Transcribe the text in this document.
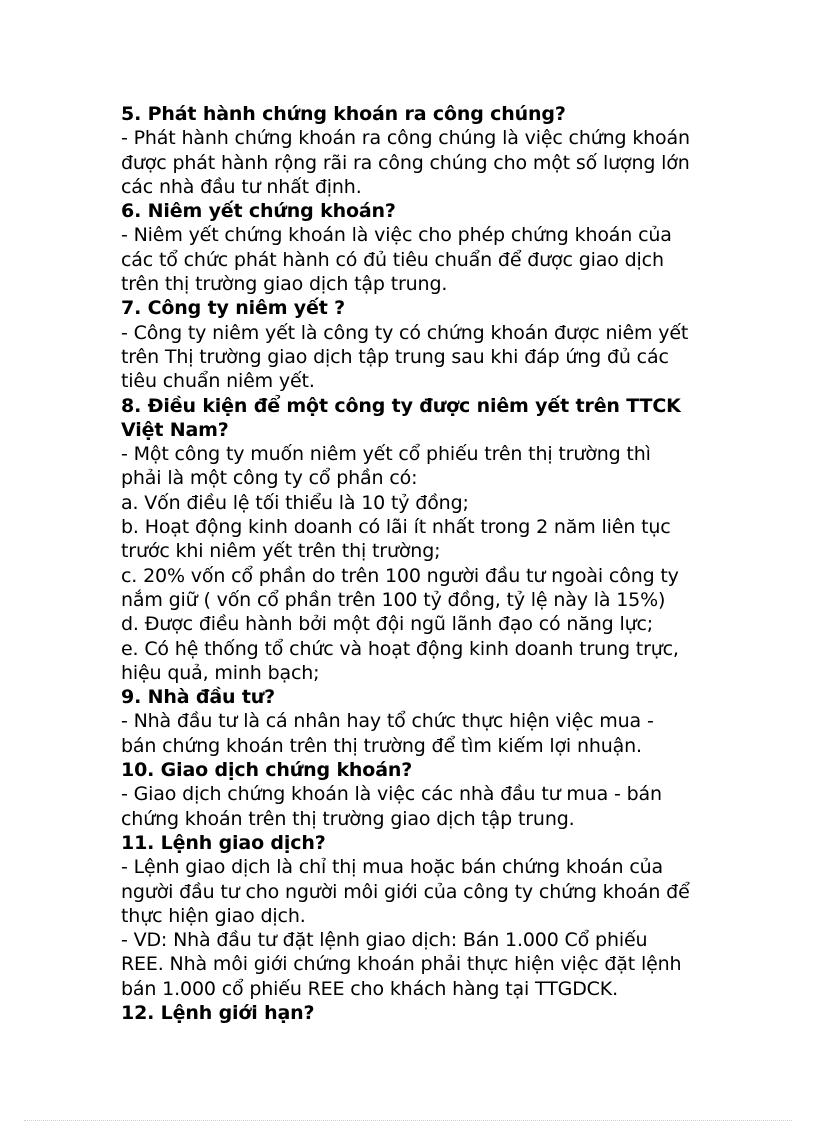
5. Phát hành chứng khoán ra công chúng?
- Phát hành chứng khoán ra công chúng là việc chứng khoán
được phát hành rộng rãi ra công chúng cho một số lượng lớn
các nhà đầu tư nhất định.
6. Niêm yết chứng khoán?
- Niêm yết chứng khoán là việc cho phép chứng khoán của
các tổ chức phát hành có đủ tiêu chuẩn để được giao dịch
trên thị trường giao dịch tập trung.
7. Công ty niêm yết ?
- Công ty niêm yết là công ty có chứng khoán được niêm yết
trên Thị trường giao dịch tập trung sau khi đáp ứng đủ các
tiêu chuẩn niêm yết.
8. Điều kiện để một công ty được niêm yết trên TTCK
Việt Nam?
- Một công ty muốn niêm yết cổ phiếu trên thị trường thì
phải là một công ty cổ phần có:
a. Vốn điều lệ tối thiểu là 10 tỷ đồng;
b. Hoạt động kinh doanh có lãi ít nhất trong 2 năm liên tục
trước khi niêm yết trên thị trường;
c. 20% vốn cổ phần do trên 100 người đầu tư ngoài công ty
nắm giữ ( vốn cổ phần trên 100 tỷ đồng, tỷ lệ này là 15%)
d. Được điều hành bởi một đội ngũ lãnh đạo có năng lực;
e. Có hệ thống tổ chức và hoạt động kinh doanh trung trực,
hiệu quả, minh bạch;
9. Nhà đầu tư?
- Nhà đầu tư là cá nhân hay tổ chức thực hiện việc mua -
bán chứng khoán trên thị trường để tìm kiếm lợi nhuận.
10. Giao dịch chứng khoán?
- Giao dịch chứng khoán là việc các nhà đầu tư mua - bán
chứng khoán trên thị trường giao dịch tập trung.
11. Lệnh giao dịch?
- Lệnh giao dịch là chỉ thị mua hoặc bán chứng khoán của
người đầu tư cho người môi giới của công ty chứng khoán để
thực hiện giao dịch.
- VD: Nhà đầu tư đặt lệnh giao dịch: Bán 1.000 Cổ phiếu
REE. Nhà môi giới chứng khoán phải thực hiện việc đặt lệnh
bán 1.000 cổ phiếu REE cho khách hàng tại TTGDCK.
12. Lệnh giới hạn?
